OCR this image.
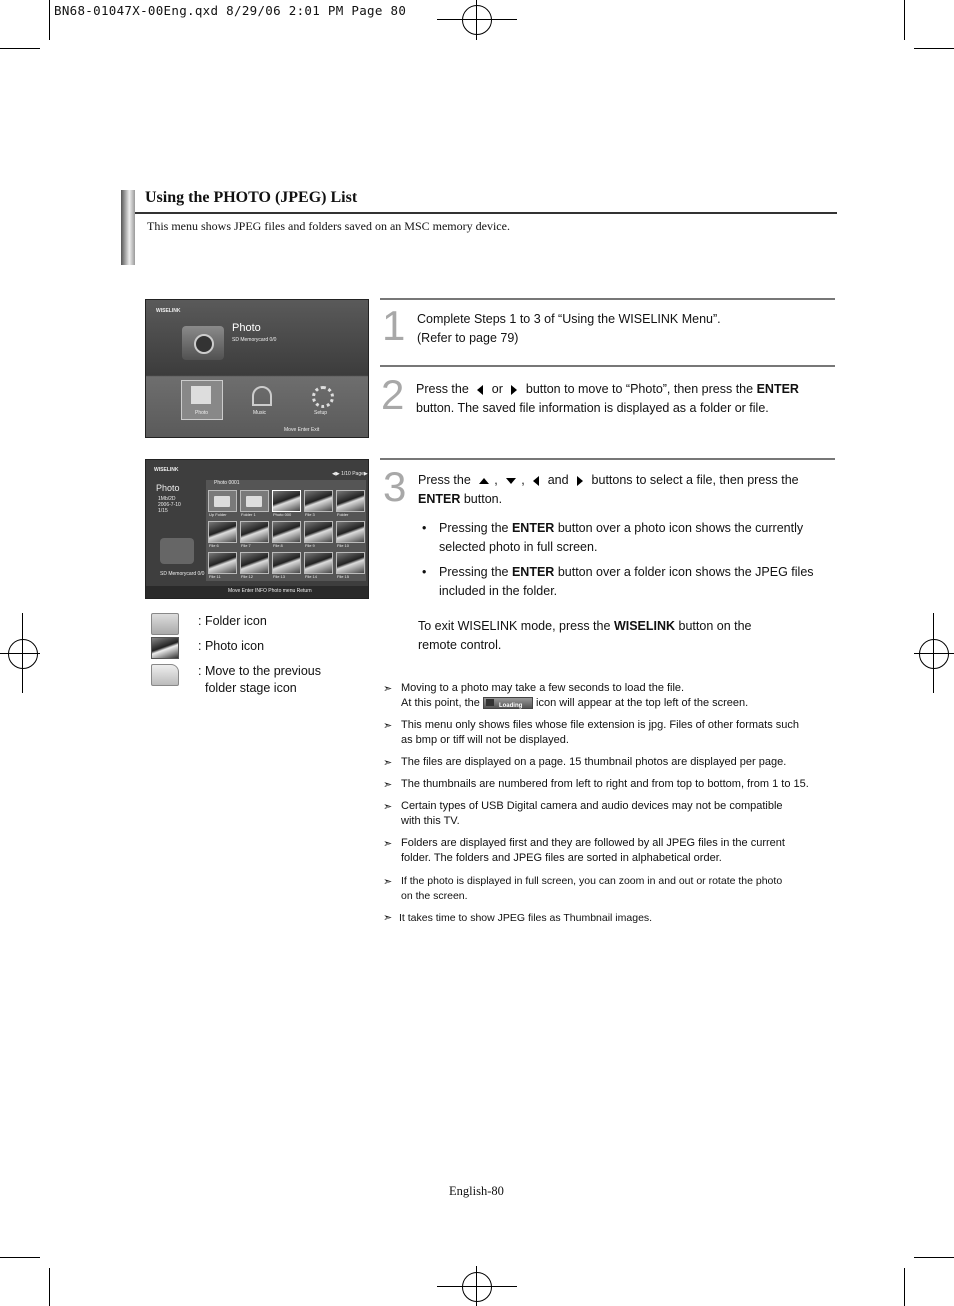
BN68-01047X-00Eng.qxd 8/29/06 2:01 PM Page 80
Using the PHOTO (JPEG) List
This menu shows JPEG files and folders saved on an MSC memory device.
WISELINK
Photo
SD Memorycard 0/0
Photo	Music	Setup
Move Enter Exit
WISELINK
◀▶ 1/10 Page▶
Photo
1Mb/2D
2006-7-10
1/15
SD Memorycard 0/0
Photo 0001
Up Folder	Folder 1	Photo 000	File 3	Folder
File 6	File 7	File 8	File 9	File 10
File 11	File 12	File 13	File 14	File 15
Move Enter INFO Photo menu Return
: Folder icon
: Photo icon
: Move to the previous
folder stage icon
1 Complete Steps 1 to 3 of “Using the WISELINK Menu”.
(Refer to page 79)
2 Press the or button to move to “Photo”, then press the ENTER
button. The saved file information is displayed as a folder or file.
3 Press the , , and buttons to select a file, then press the
ENTER button.
• Pressing the ENTER button over a photo icon shows the currently
selected photo in full screen.
• Pressing the ENTER button over a folder icon shows the JPEG files
included in the folder.
To exit WISELINK mode, press the WISELINK button on the
remote control.
➣ Moving to a photo may take a few seconds to load the file.
At this point, the	Loading icon will appear at the top left of the screen.
➣ This menu only shows files whose file extension is jpg. Files of other formats such
as bmp or tiff will not be displayed.
➣ The files are displayed on a page. 15 thumbnail photos are displayed per page.
➣ The thumbnails are numbered from left to right and from top to bottom, from 1 to 15.
➣ Certain types of USB Digital camera and audio devices may not be compatible
with this TV.
➣ Folders are displayed first and they are followed by all JPEG files in the current
folder. The folders and JPEG files are sorted in alphabetical order.
➣ If the photo is displayed in full screen, you can zoom in and out or rotate the photo
on the screen.
➣ It takes time to show JPEG files as Thumbnail images.
English-80
